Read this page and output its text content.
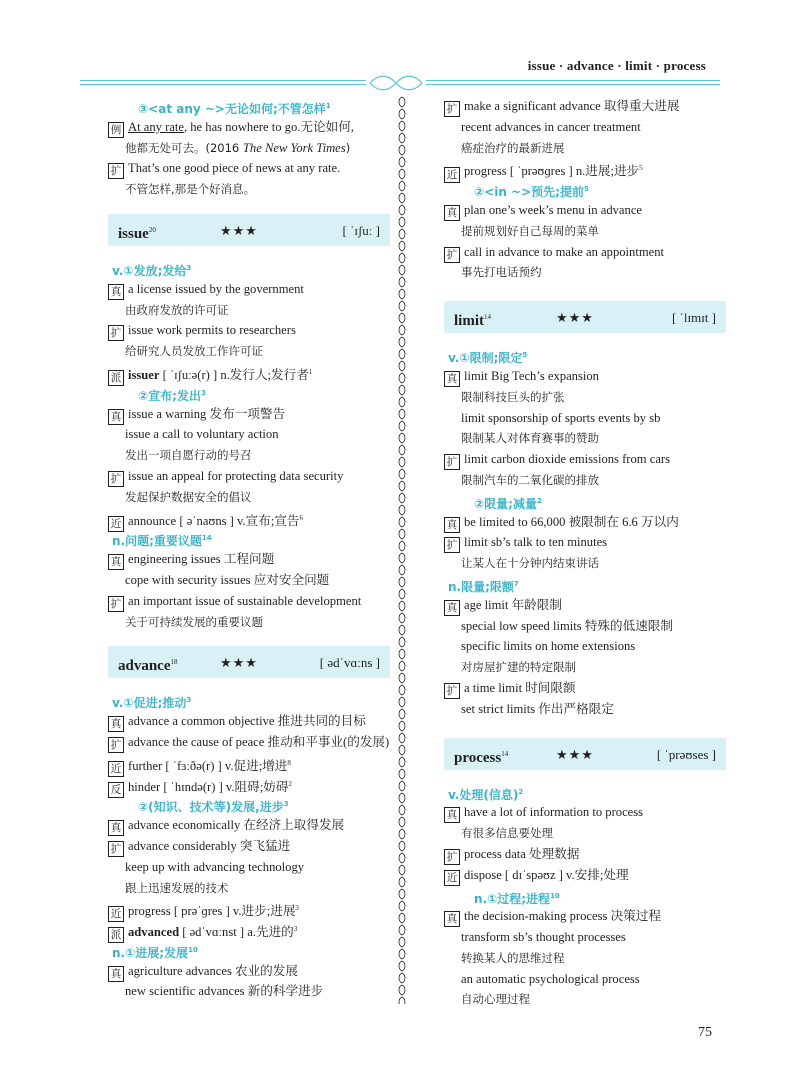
issue · advance · limit · process
③<at any ~>无论如何;不管怎样$^1$
例 At any rate, he has nowhere to go.无论如何,
他都无处可去。(2016 The New York Times)
扩 That’s one good piece of news at any rate.
不管怎样,那是个好消息。
issue$^{20}$	★★★	[ ˈɪʃuː ]
v.①发放;发给$^3$
真 a license issued by the government
由政府发放的许可证
扩 issue work permits to researchers
给研究人员发放工作许可证
派 issuer [ ˈɪʃuːə(r) ] n.发行人;发行者$^1$
②宣布;发出$^3$
真 issue a warning 发布一项警告
issue a call to voluntary action
发出一项自愿行动的号召
扩 issue an appeal for protecting data security
发起保护数据安全的倡议
近 announce [ əˈnaʊns ] v.宣布;宣告$^6$
n.问题;重要议题$^{14}$
真 engineering issues 工程问题
cope with security issues 应对安全问题
扩 an important issue of sustainable development
关于可持续发展的重要议题
advance$^{18}$	★★★	[ ədˈvɑːns ]
v.①促进;推动$^3$
真 advance a common objective 推进共同的目标
扩 advance the cause of peace 推动和平事业(的发展)
近 further [ ˈfɜːðə(r) ] v.促进;增进$^8$
反 hinder [ ˈhɪndə(r) ] v.阻碍;妨碍$^2$
②(知识、技术等)发展,进步$^3$
真 advance economically 在经济上取得发展
扩 advance considerably 突飞猛进
keep up with advancing technology
跟上迅速发展的技术
近 progress [ prəˈɡres ] v.进步;进展$^3$
派 advanced [ ədˈvɑːnst ] a.先进的$^3$
n.①进展;发展$^{10}$
真 agriculture advances 农业的发展
new scientific advances 新的科学进步
扩 make a significant advance 取得重大进展
recent advances in cancer treatment
癌症治疗的最新进展
近 progress [ ˈprəʊɡres ] n.进展;进步$^5$
②<in ~>预先;提前$^5$
真 plan one’s week’s menu in advance
提前规划好自己每周的菜单
扩 call in advance to make an appointment
事先打电话预约
limit$^{14}$	★★★	[ ˈlɪmɪt ]
v.①限制;限定$^5$
真 limit Big Tech’s expansion
限制科技巨头的扩张
limit sponsorship of sports events by sb
限制某人对体育赛事的赞助
扩 limit carbon dioxide emissions from cars
限制汽车的二氧化碳的排放
②限量;减量$^2$
真 be limited to 66,000 被限制在 6.6 万以内
扩 limit sb’s talk to ten minutes
让某人在十分钟内结束讲话
n.限量;限额$^7$
真 age limit 年龄限制
special low speed limits 特殊的低速限制
specific limits on home extensions
对房屋扩建的特定限制
扩 a time limit 时间限额
set strict limits 作出严格限定
process$^{14}$	★★★	[ ˈprəʊses ]
v.处理(信息)$^2$
真 have a lot of information to process
有很多信息要处理
扩 process data 处理数据
近 dispose [ dɪˈspəʊz ] v.安排;处理
n.①过程;进程$^{10}$
真 the decision-making process 决策过程
transform sb’s thought processes
转换某人的思维过程
an automatic psychological process
自动心理过程
75
